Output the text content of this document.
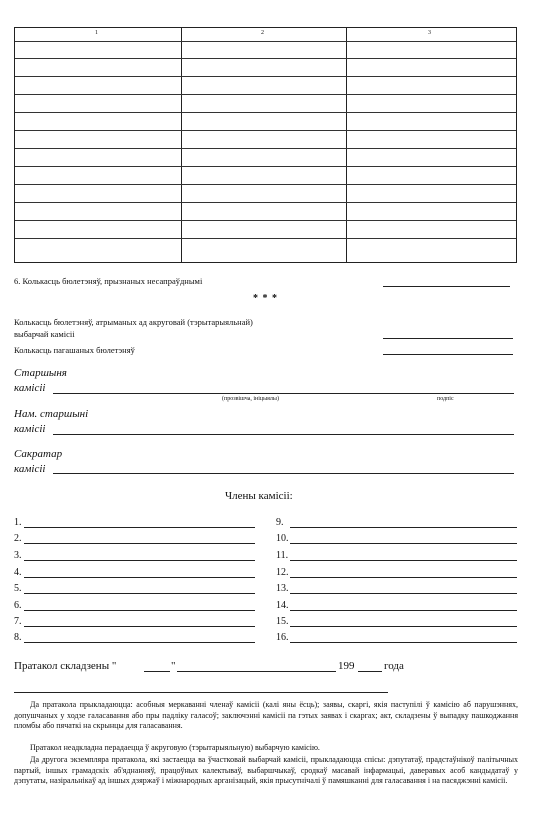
1	2	3
6. Колькасць бюлетэняў, прызнаных несапраўднымі
* * *
Колькасць бюлетэняў, атрыманых ад акруговай (тэрытарыяльнай)
выбарчай камісіі
Колькасць пагашаных бюлетэняў
Старшыня
камісіі
(прозвішча, ініцыялы)	подпіс
Нам. старшыні
камісіі
Сакратар
камісіі
Члены камісіі:
1.
2.
3.
4.
5.
6.
7.
8.
9.
10.
11.
12.
13.
14.
15.
16.
Пратакол складзены "	"	199	года
Да пратакола прыкладаюцца: асобныя меркаванні членаў камісіі (калі яны ёсць); заявы, скаргі, якія паступілі ў камісію аб парушэннях, допушчаных у ходзе галасавання або пры падліку галасоў; заключэнні камісіі па гэтых заявах і скаргах; акт, складзены ў выпадку пашкоджання пломбы або пячаткі на скрынцы для галасавання.
Пратакол неадкладна перадаецца ў акруговую (тэрытарыяльную) выбарчую камісію.
Да другога экземпляра пратакола, які застаецца ва ўчастковай выбарчай камісіі, прыкладаюцца спісы: дэпутатаў, прадстаўнікоў палітычных партый, іншых грамадскіх аб'яднанняў, працоўных калектываў, выбаршчыкаў, сродкаў масавай інфармацыі, даверавых асоб кандыдатаў у дэпутаты, назіральнікаў ад іншых дзяржаў і міжнародных арганізацый, якія прысутнічалі ў памяшканні для галасавання і на пасяджэнні камісіі.
